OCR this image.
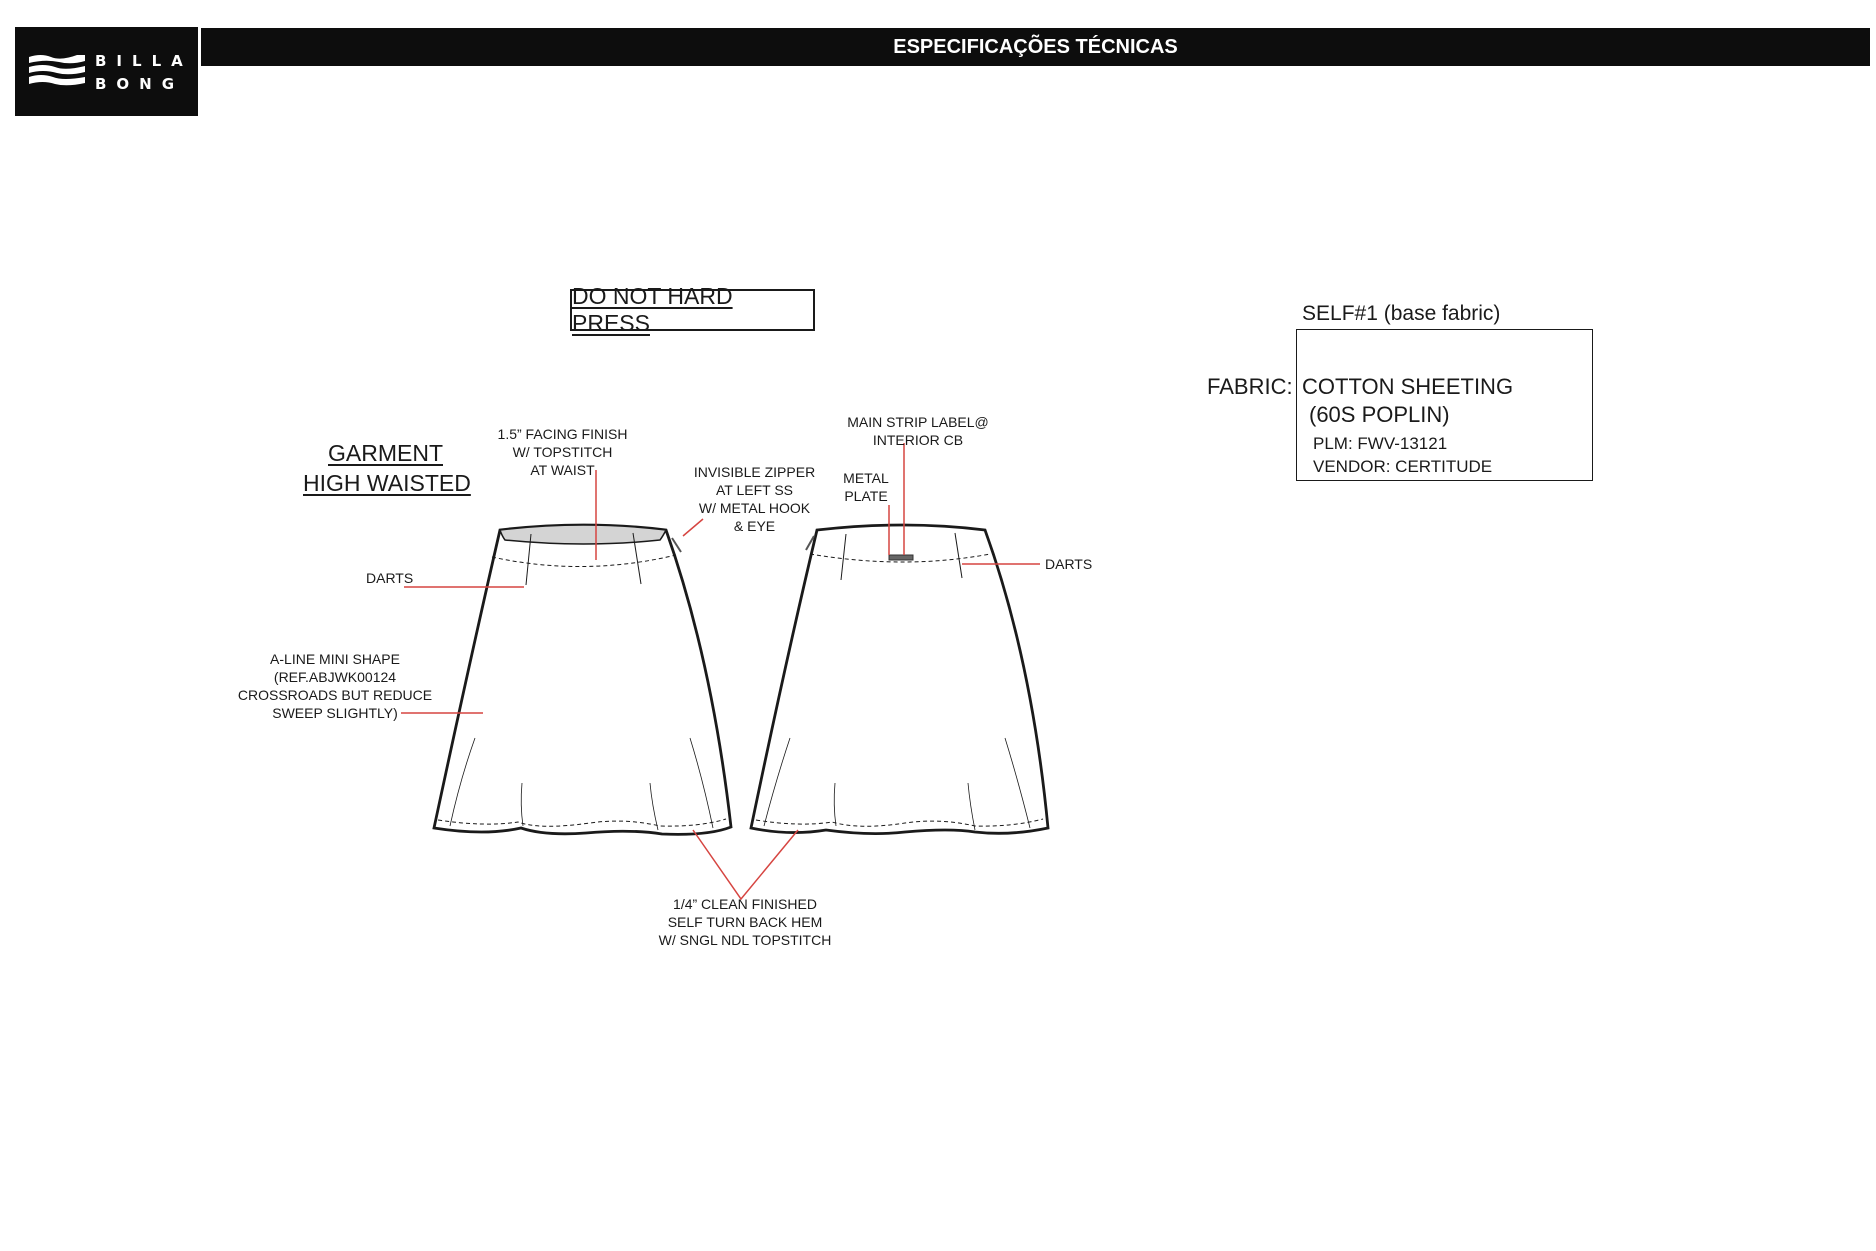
BILLA
BONG
ESPECIFICAÇÕES TÉCNICAS
DO NOT HARD PRESS
GARMENT
HIGH WAISTED
1.5” FACING FINISH
W/ TOPSTITCH
AT WAIST	INVISIBLE ZIPPER
AT LEFT SS
W/ METAL HOOK
& EYE
DARTS
A-LINE MINI SHAPE
(REF.ABJWK00124
CROSSROADS BUT REDUCE
SWEEP SLIGHTLY)
MAIN STRIP LABEL@
INTERIOR CB
METAL
PLATE
DARTS
1/4” CLEAN FINISHED
SELF TURN BACK HEM
W/ SNGL NDL TOPSTITCH
SELF#1 (base fabric)
FABRIC: COTTON SHEETING
(60S POPLIN)
PLM: FWV-13121
VENDOR: CERTITUDE
